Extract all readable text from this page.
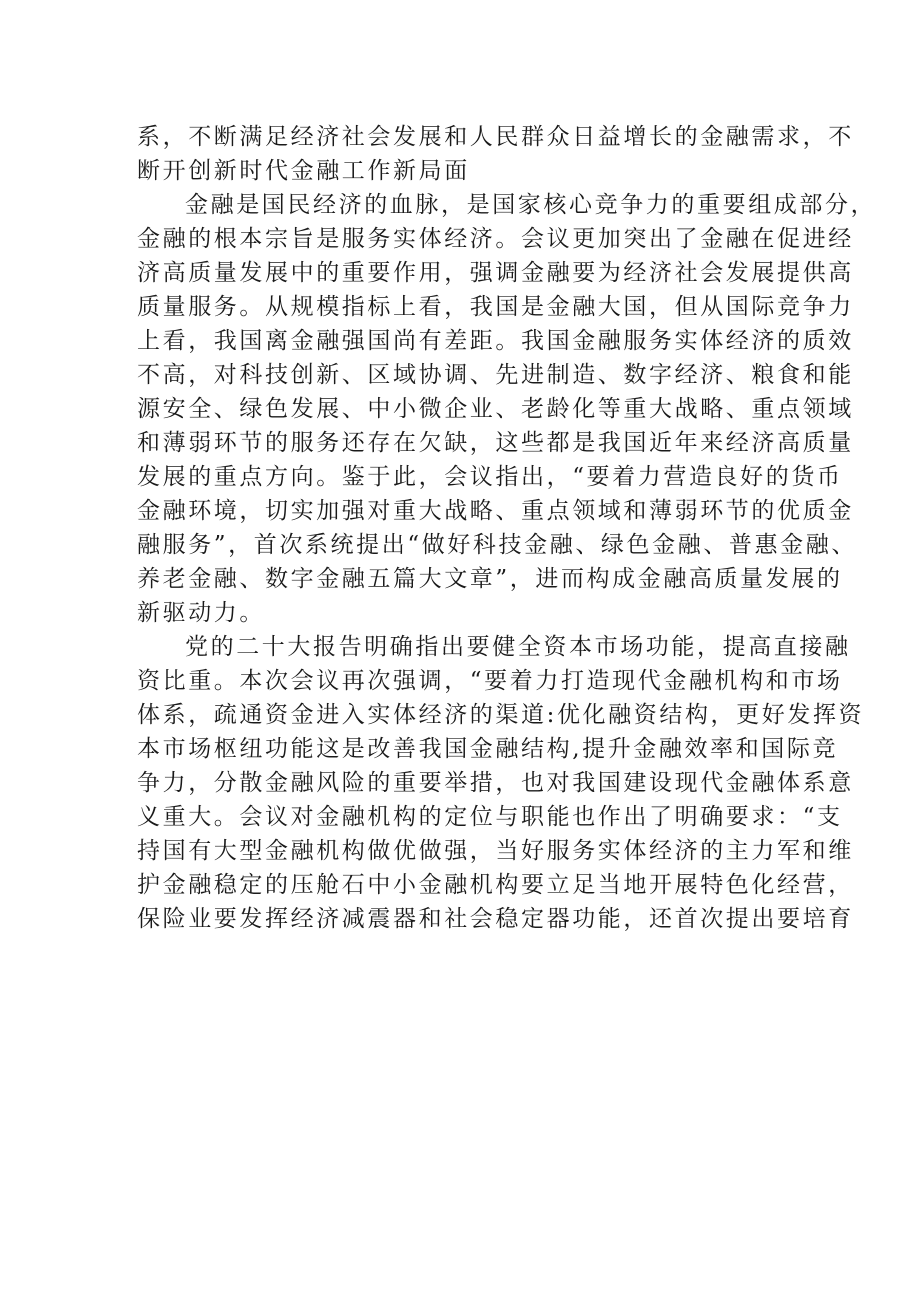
系，不断满足经济社会发展和人民群众日益增长的金融需求，不

断开创新时代金融工作新局面

金融是国民经济的血脉，是国家核心竞争力的重要组成部分，

金融的根本宗旨是服务实体经济。会议更加突出了金融在促进经

济高质量发展中的重要作用，强调金融要为经济社会发展提供高

质量服务。从规模指标上看，我国是金融大国，但从国际竞争力

上看，我国离金融强国尚有差距。我国金融服务实体经济的质效

不高，对科技创新、区域协调、先进制造、数字经济、粮食和能

源安全、绿色发展、中小微企业、老龄化等重大战略、重点领域

和薄弱环节的服务还存在欠缺，这些都是我国近年来经济高质量

发展的重点方向。鉴于此，会议指出，“要着力营造良好的货币

金融环境，切实加强对重大战略、重点领域和薄弱环节的优质金

融服务”，首次系统提出“做好科技金融、绿色金融、普惠金融、

养老金融、数字金融五篇大文章”，进而构成金融高质量发展的

新驱动力。

党的二十大报告明确指出要健全资本市场功能，提高直接融

资比重。本次会议再次强调，“要着力打造现代金融机构和市场

体系，疏通资金进入实体经济的渠道:优化融资结构，更好发挥资

本市场枢纽功能这是改善我国金融结构,提升金融效率和国际竞

争力，分散金融风险的重要举措，也对我国建设现代金融体系意

义重大。会议对金融机构的定位与职能也作出了明确要求：“支

持国有大型金融机构做优做强，当好服务实体经济的主力军和维

护金融稳定的压舱石中小金融机构要立足当地开展特色化经营，

保险业要发挥经济减震器和社会稳定器功能，还首次提出要培育
